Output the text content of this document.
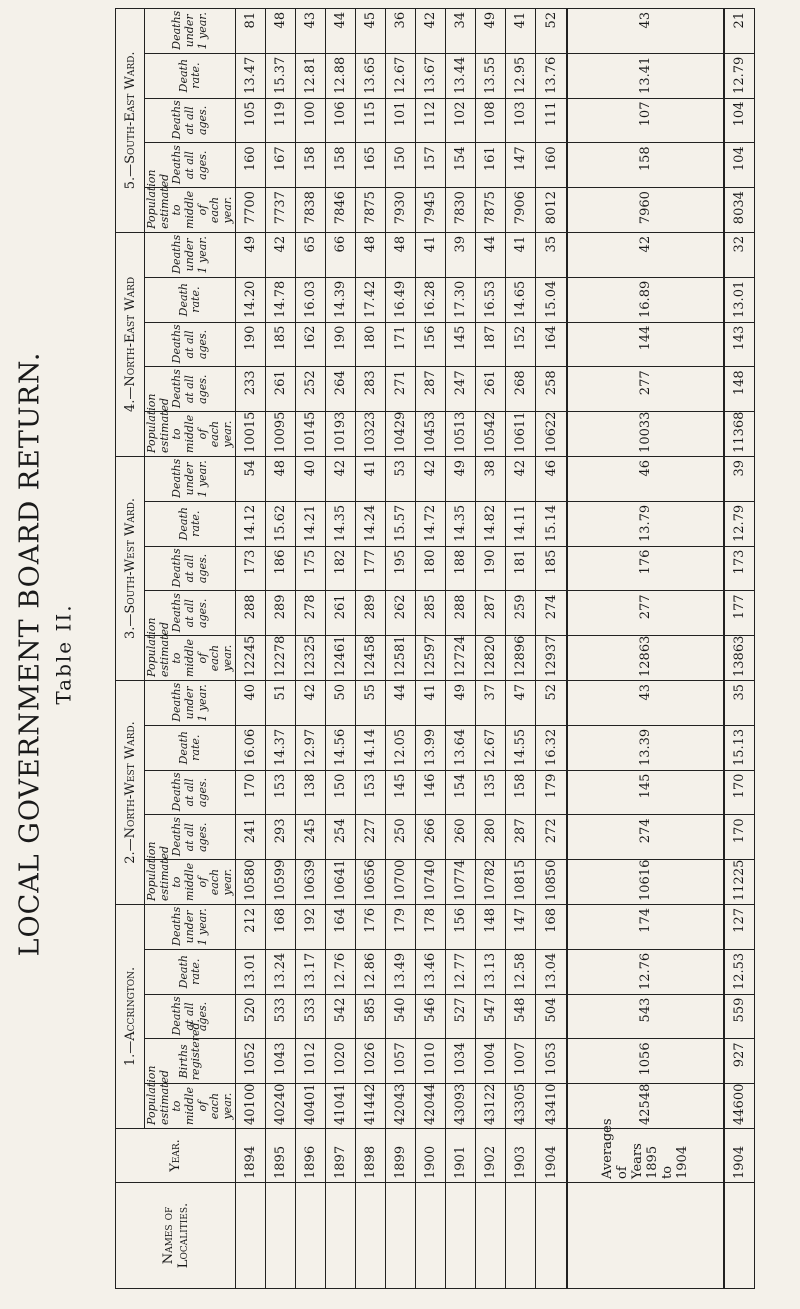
LOCAL GOVERNMENT BOARD RETURN. Table II.
Names of Localities.	Year.	1.—Accrington.					2.—North-West Ward.					3.—South-West Ward.					4.—North-East Ward					5.—South-East Ward.				
		Population estimated to middle of each year.	Births registered.	Deaths at all ages.	Death rate.	Deaths under 1 year.	Population estimated to middle of each year.	Deaths at all ages.	Deaths at all ages.	Death rate.	Deaths under 1 year.	Population estimated to middle of each year.	Deaths at all ages.	Deaths at all ages.	Death rate.	Deaths under 1 year.	Population estimated to middle of each year.	Deaths at all ages.	Deaths at all ages.	Death rate.	Deaths under 1 year.	Population estimated to middle of each year.	Deaths at all ages.	Deaths at all ages.	Death rate.	Deaths under 1 year.
	1894	40100	1052	520	13.01	212	10580	241	170	16.06	40	12245	288	173	14.12	54	10015	233	190	14.20	49	7700	160	105	13.47	81
	1895	40240	1043	533	13.24	168	10599	293	153	14.37	51	12278	289	186	15.62	48	10095	261	185	14.78	42	7737	167	119	15.37	48
	1896	40401	1012	533	13.17	192	10639	245	138	12.97	42	12325	278	175	14.21	40	10145	252	162	16.03	65	7838	158	100	12.81	43
	1897	41041	1020	542	12.76	164	10641	254	150	14.56	50	12461	261	182	14.35	42	10193	264	190	14.39	66	7846	158	106	12.88	44
	1898	41442	1026	585	12.86	176	10656	227	153	14.14	55	12458	289	177	14.24	41	10323	283	180	17.42	48	7875	165	115	13.65	45
	1899	42043	1057	540	13.49	179	10700	250	145	12.05	44	12581	262	195	15.57	53	10429	271	171	16.49	48	7930	150	101	12.67	36
	1900	42044	1010	546	13.46	178	10740	266	146	13.99	41	12597	285	180	14.72	42	10453	287	156	16.28	41	7945	157	112	13.67	42
	1901	43093	1034	527	12.77	156	10774	260	154	13.64	49	12724	288	188	14.35	49	10513	247	145	17.30	39	7830	154	102	13.44	34
	1902	43122	1004	547	13.13	148	10782	280	135	12.67	37	12820	287	190	14.82	38	10542	261	187	16.53	44	7875	161	108	13.55	49
	1903	43305	1007	548	12.58	147	10815	287	158	14.55	47	12896	259	181	14.11	42	10611	268	152	14.65	41	7906	147	103	12.95	41
	1904	43410	1053	504	13.04	168	10850	272	179	16.32	52	12937	274	185	15.14	46	10622	258	164	15.04	35	8012	160	111	13.76	52
	Averages of Years 1895 to 1904	42548	1056	543	12.76	174	10616	274	145	13.39	43	12863	277	176	13.79	46	10033	277	144	16.89	42	7960	158	107	13.41	43
	1904	44600	927	559	12.53	127	11225	170	170	15.13	35	13863	177	173	12.79	39	11368	148	143	13.01	32	8034	104	104	12.79	21
